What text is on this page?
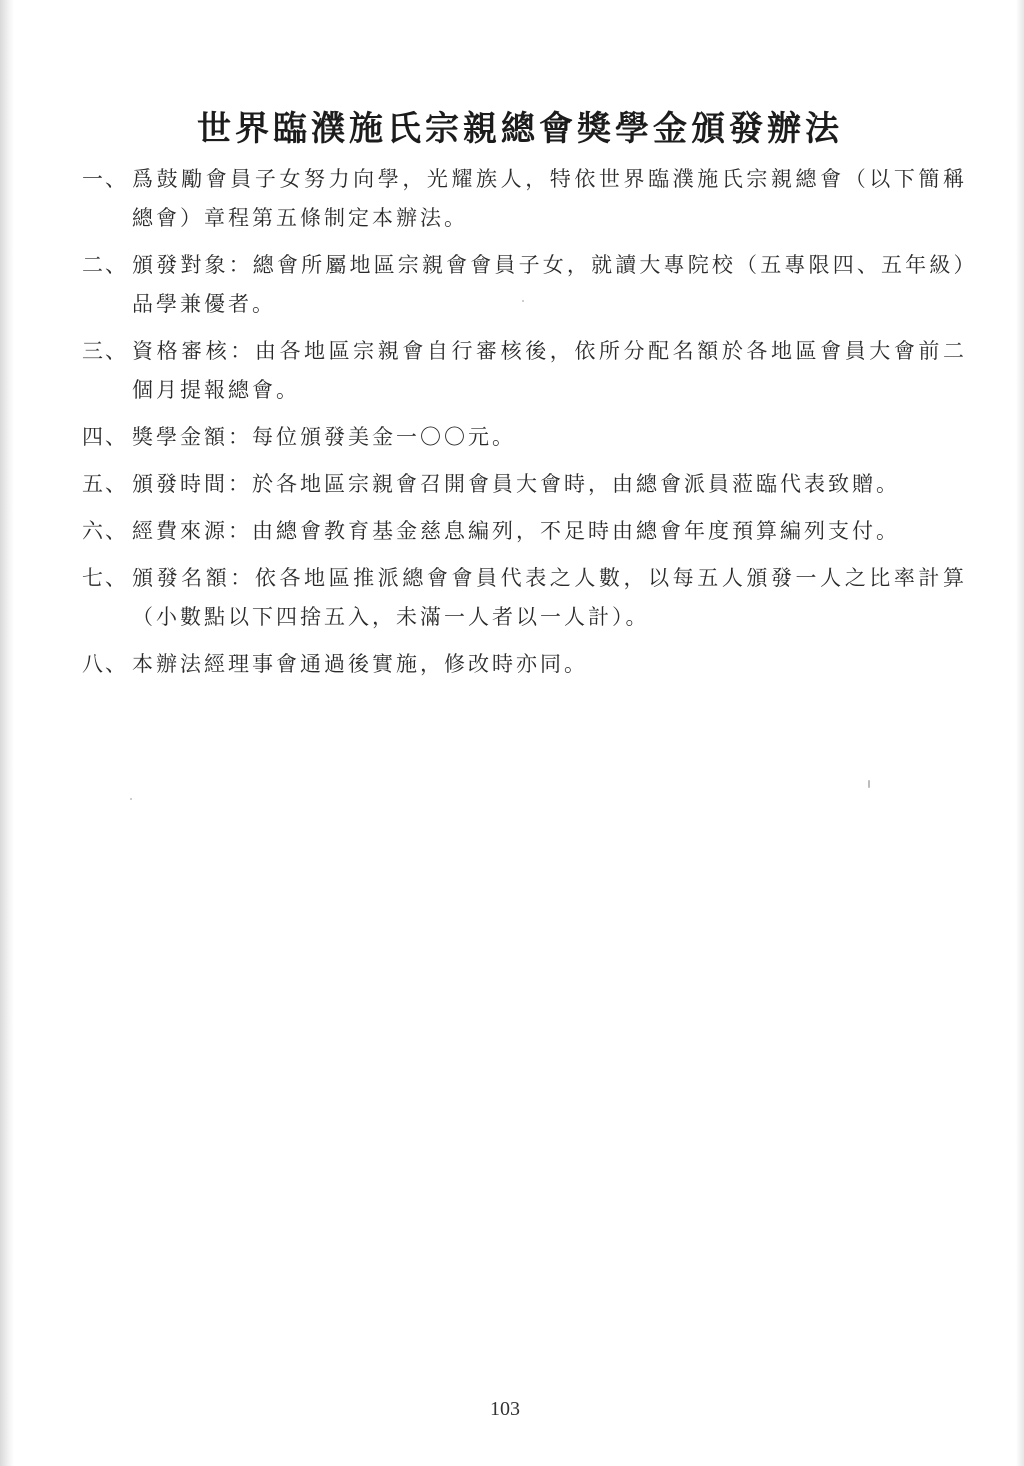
世界臨濮施氏宗親總會獎學金頒發辦法
一、 爲鼓勵會員子女努力向學，光耀族人，特依世界臨濮施氏宗親總會（以下簡稱總會）章程第五條制定本辦法。
二、 頒發對象：總會所屬地區宗親會會員子女，就讀大專院校（五專限四、五年級）品學兼優者。
三、 資格審核：由各地區宗親會自行審核後，依所分配名額於各地區會員大會前二個月提報總會。
四、 獎學金額：每位頒發美金一〇〇元。
五、 頒發時間：於各地區宗親會召開會員大會時，由總會派員蒞臨代表致贈。
六、 經費來源：由總會教育基金慈息編列，不足時由總會年度預算編列支付。
七、 頒發名額：依各地區推派總會會員代表之人數，以每五人頒發一人之比率計算（小數點以下四捨五入，未滿一人者以一人計）。
八、 本辦法經理事會通過後實施，修改時亦同。
103
